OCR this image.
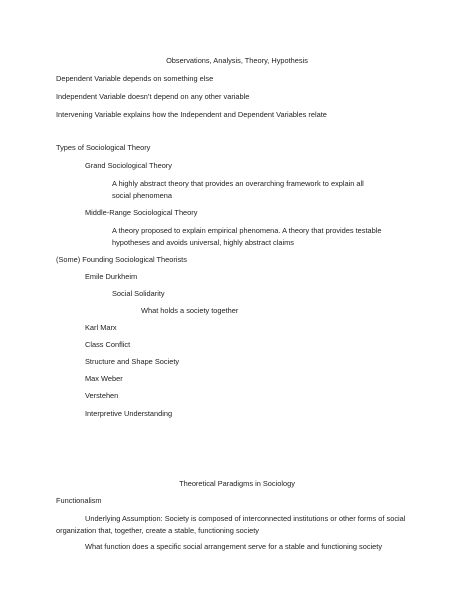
Observations, Analysis, Theory, Hypothesis
Dependent Variable depends on something else
Independent Variable doesn’t depend on any other variable
Intervening Variable explains how the Independent and Dependent Variables relate
Types of Sociological Theory
Grand Sociological Theory
A highly abstract theory that provides an overarching framework to explain all social phenomena
Middle-Range Sociological Theory
A theory proposed to explain empirical phenomena. A theory that provides testable hypotheses and avoids universal, highly abstract claims
(Some) Founding Sociological Theorists
Emile Durkheim
Social Solidarity
What holds a society together
Karl Marx
Class Conflict
Structure and Shape Society
Max Weber
Verstehen
Interpretive Understanding
Theoretical Paradigms in Sociology
Functionalism
Underlying Assumption: Society is composed of interconnected institutions or other forms of social organization that, together, create a stable, functioning society
What function does a specific social arrangement serve for a stable and functioning society
